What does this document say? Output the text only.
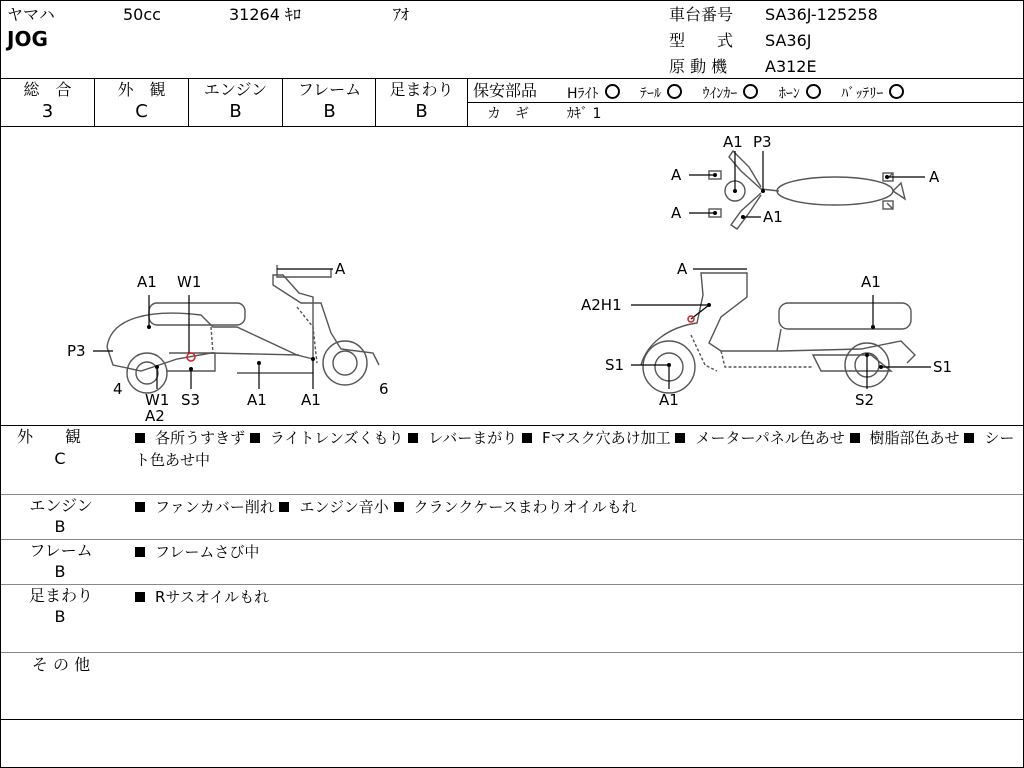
ヤマハ	50cc	31264 ｷﾛ	ｱｵ
JOG
車台番号 SA36J-125258
型　　式 SA36J
原 動 機 A312E
総　合
3
外　観
C
エンジン
B
フレーム
B
足まわり
B
保安部品 Hﾗｲﾄ	ﾃｰﾙ	ｳｲﾝｶｰ	ﾎｰﾝ	ﾊﾞｯﾃﾘｰ
カ　ギ	ｶｷﾞ 1
A1 W1
A
P3
4
W1
A2
S3	A1 A1
6
A
A1
A2H1
S1
A1
S1
S2
A1 P3
A
A
A
A1
外　　観
C
各所うすきず ライトレンズくもり レバーまがり Fマスク穴あけ加工 メーターパネル色あせ 樹脂部色あせ シート色あせ中
エンジン
B
ファンカバー削れ エンジン音小 クランクケースまわりオイルもれ
フレーム
B
フレームさび中
足まわり
B
Rサスオイルもれ
そ の 他
